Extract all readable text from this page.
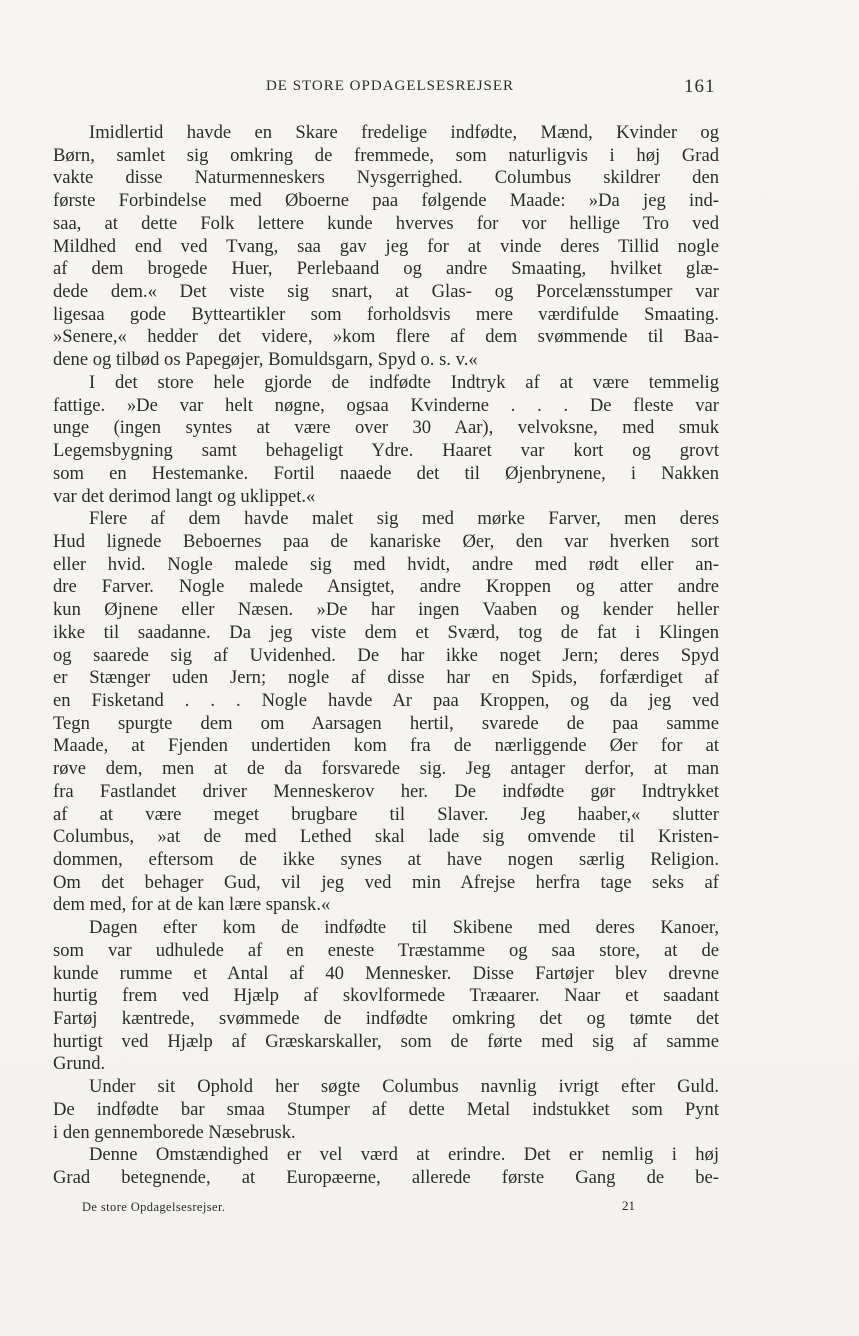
DE STORE OPDAGELSESREJSER	161
Imidlertid havde en Skare fredelige indfødte, Mænd, Kvinder og
Børn, samlet sig omkring de fremmede, som naturligvis i høj Grad
vakte disse Naturmenneskers Nysgerrighed. Columbus skildrer den
første Forbindelse med Øboerne paa følgende Maade: »Da jeg ind-
saa, at dette Folk lettere kunde hverves for vor hellige Tro ved
Mildhed end ved Tvang, saa gav jeg for at vinde deres Tillid nogle
af dem brogede Huer, Perlebaand og andre Smaating, hvilket glæ-
dede dem.« Det viste sig snart, at Glas- og Porcelænsstumper var
ligesaa gode Bytteartikler som forholdsvis mere værdifulde Smaating.
»Senere,« hedder det videre, »kom flere af dem svømmende til Baa-
dene og tilbød os Papegøjer, Bomuldsgarn, Spyd o. s. v.«
I det store hele gjorde de indfødte Indtryk af at være temmelig
fattige. »De var helt nøgne, ogsaa Kvinderne . . . De fleste var
unge (ingen syntes at være over 30 Aar), velvoksne, med smuk
Legemsbygning samt behageligt Ydre. Haaret var kort og grovt
som en Hestemanke. Fortil naaede det til Øjenbrynene, i Nakken
var det derimod langt og uklippet.«
Flere af dem havde malet sig med mørke Farver, men deres
Hud lignede Beboernes paa de kanariske Øer, den var hverken sort
eller hvid. Nogle malede sig med hvidt, andre med rødt eller an-
dre Farver. Nogle malede Ansigtet, andre Kroppen og atter andre
kun Øjnene eller Næsen. »De har ingen Vaaben og kender heller
ikke til saadanne. Da jeg viste dem et Sværd, tog de fat i Klingen
og saarede sig af Uvidenhed. De har ikke noget Jern; deres Spyd
er Stænger uden Jern; nogle af disse har en Spids, forfærdiget af
en Fisketand . . . Nogle havde Ar paa Kroppen, og da jeg ved
Tegn spurgte dem om Aarsagen hertil, svarede de paa samme
Maade, at Fjenden undertiden kom fra de nærliggende Øer for at
røve dem, men at de da forsvarede sig. Jeg antager derfor, at man
fra Fastlandet driver Menneskerov her. De indfødte gør Indtrykket
af at være meget brugbare til Slaver. Jeg haaber,« slutter
Columbus, »at de med Lethed skal lade sig omvende til Kristen-
dommen, eftersom de ikke synes at have nogen særlig Religion.
Om det behager Gud, vil jeg ved min Afrejse herfra tage seks af
dem med, for at de kan lære spansk.«
Dagen efter kom de indfødte til Skibene med deres Kanoer,
som var udhulede af en eneste Træstamme og saa store, at de
kunde rumme et Antal af 40 Mennesker. Disse Fartøjer blev drevne
hurtig frem ved Hjælp af skovlformede Træaarer. Naar et saadant
Fartøj kæntrede, svømmede de indfødte omkring det og tømte det
hurtigt ved Hjælp af Græskarskaller, som de førte med sig af samme
Grund.
Under sit Ophold her søgte Columbus navnlig ivrigt efter Guld.
De indfødte bar smaa Stumper af dette Metal indstukket som Pynt
i den gennemborede Næsebrusk.
Denne Omstændighed er vel værd at erindre. Det er nemlig i høj
Grad betegnende, at Europæerne, allerede første Gang de be-
De store Opdagelsesrejser.	21
